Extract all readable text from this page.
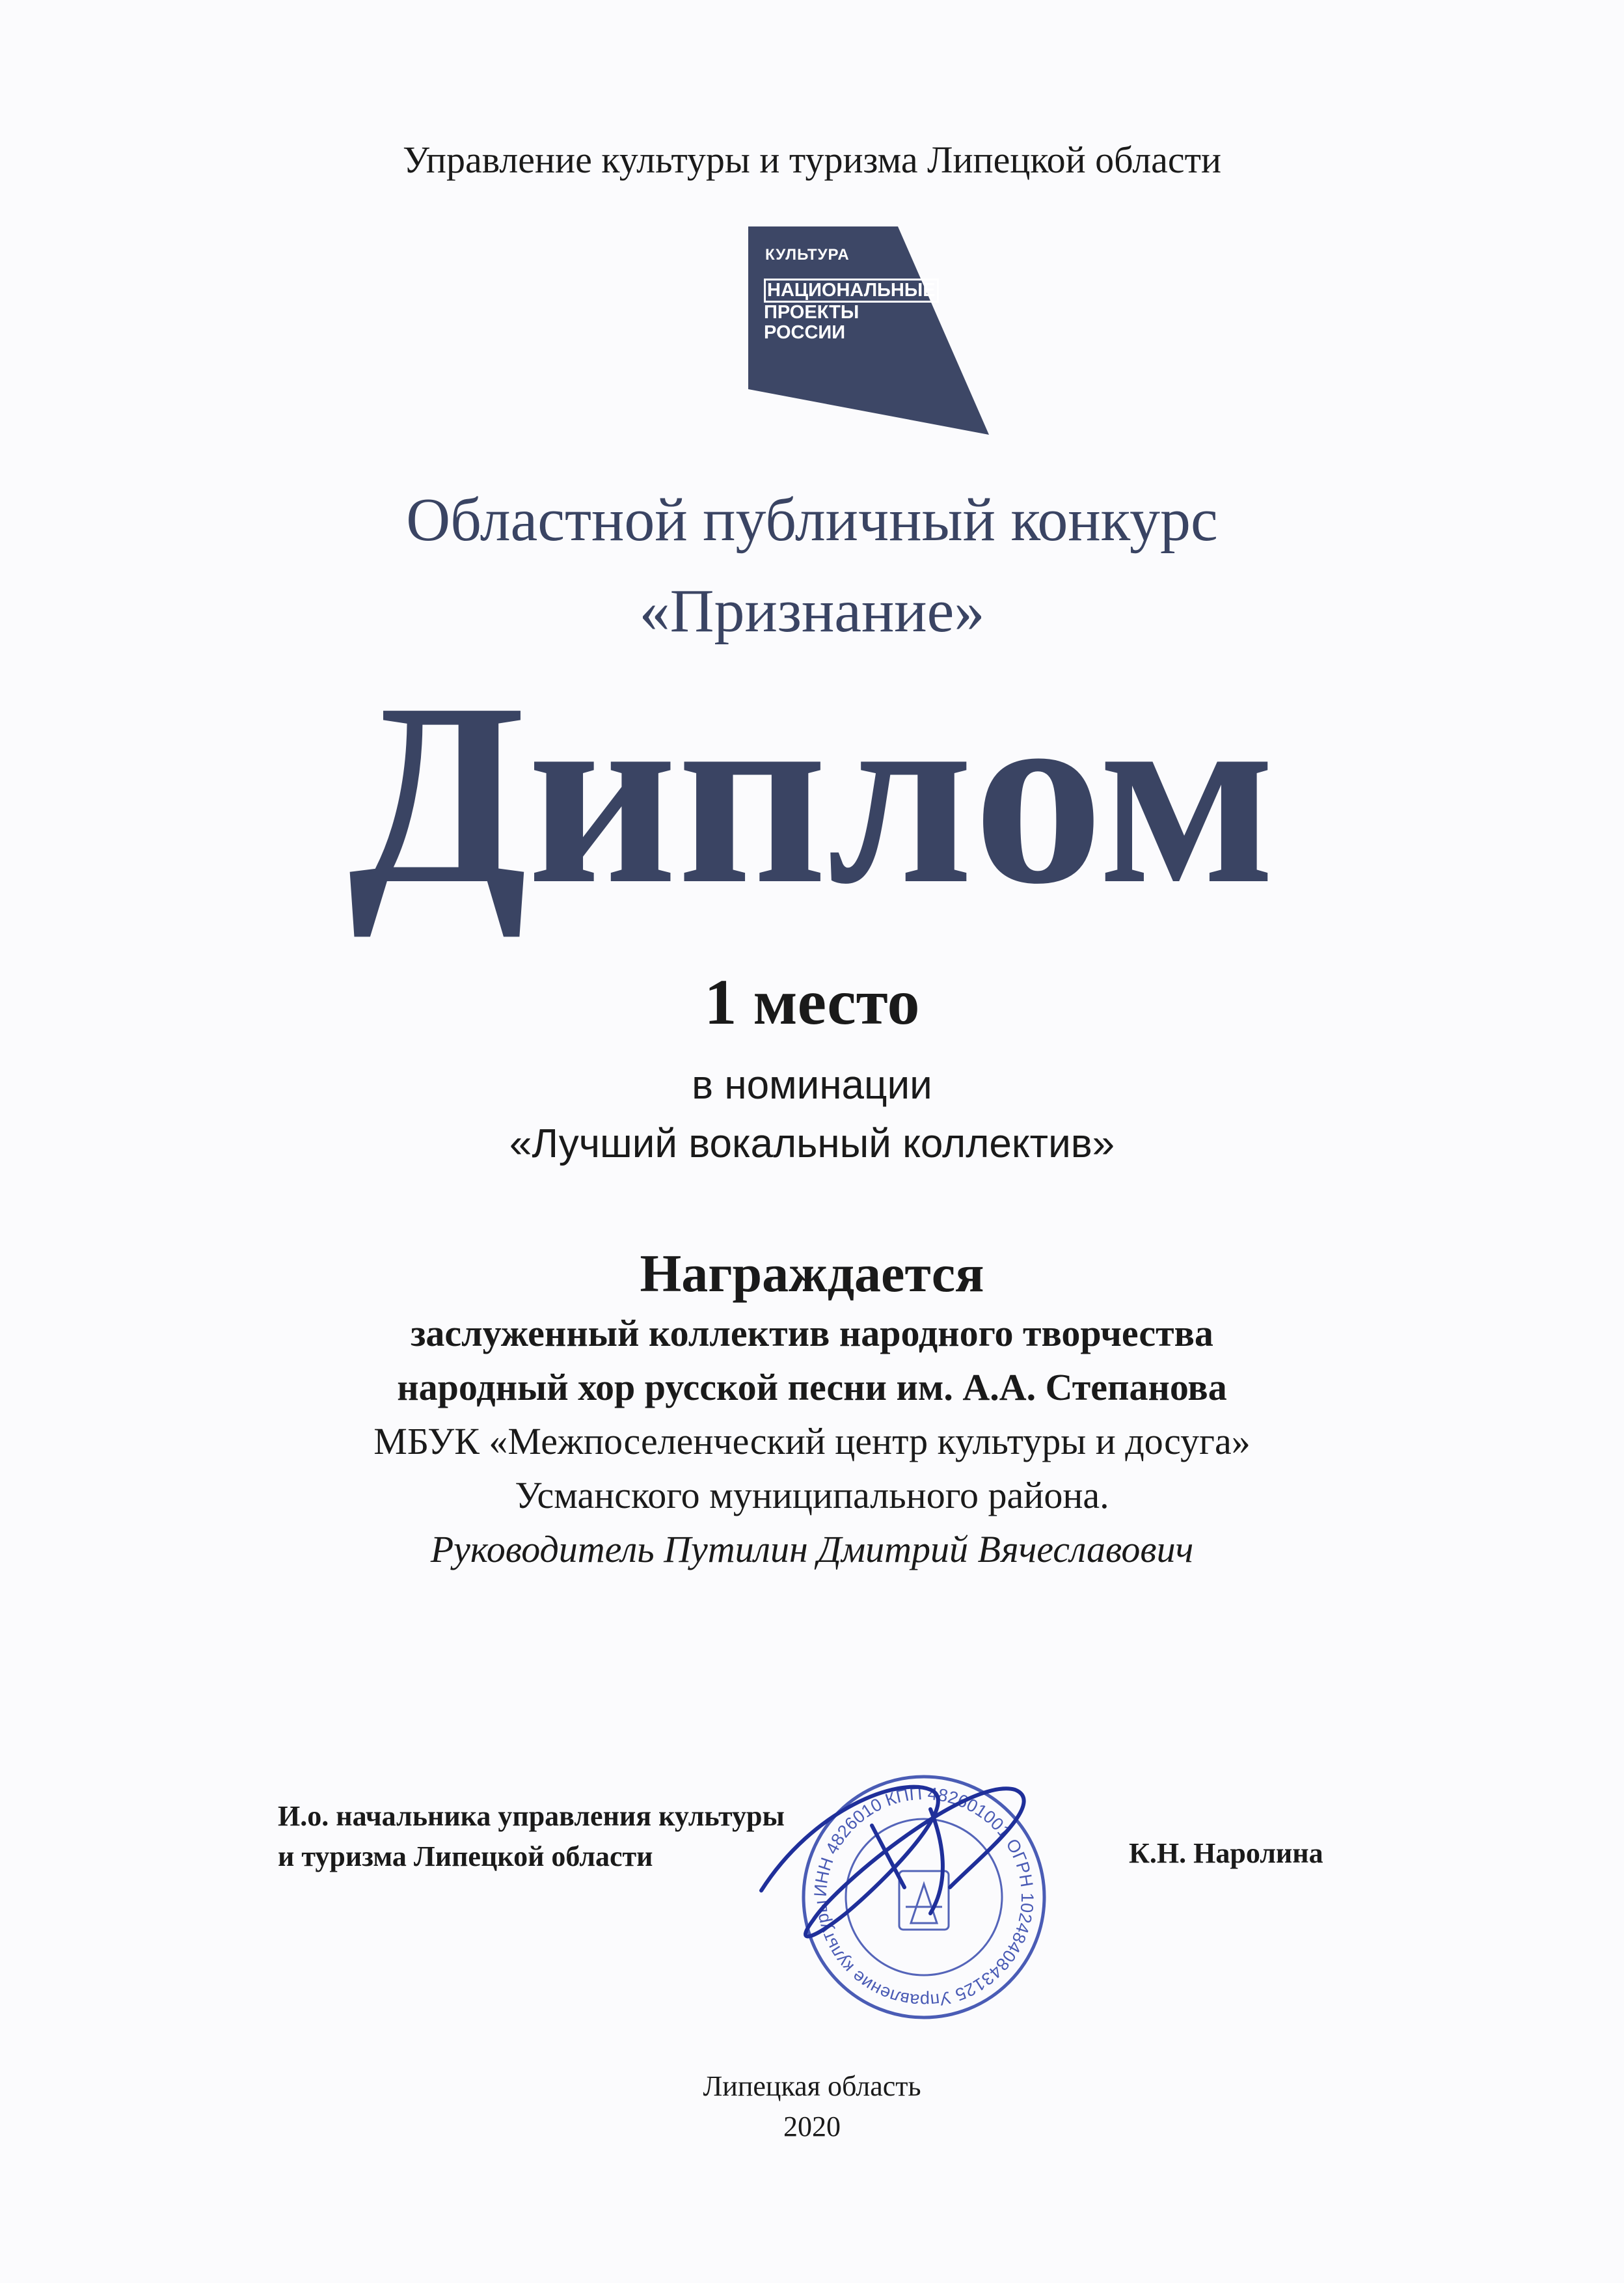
Управление культуры и туризма Липецкой области
КУЛЬТУРА
НАЦИОНАЛЬНЫЕ
ПРОЕКТЫ
РОССИИ
Областной публичный конкурс
«Признание»
Диплом
1 место
в номинации
«Лучший вокальный коллектив»
Награждается
заслуженный коллектив народного творчества
народный хор русской песни им. А.А. Степанова
МБУК «Межпоселенческий центр культуры и досуга»
Усманского муниципального района.
Руководитель Путилин Дмитрий Вячеславович
И.о. начальника управления культуры
и туризма Липецкой области
ИНН 4826010 КПП 482601001 ОГРН 1024840843125 Управление культуры
К.Н. Наролина
Липецкая область
2020
